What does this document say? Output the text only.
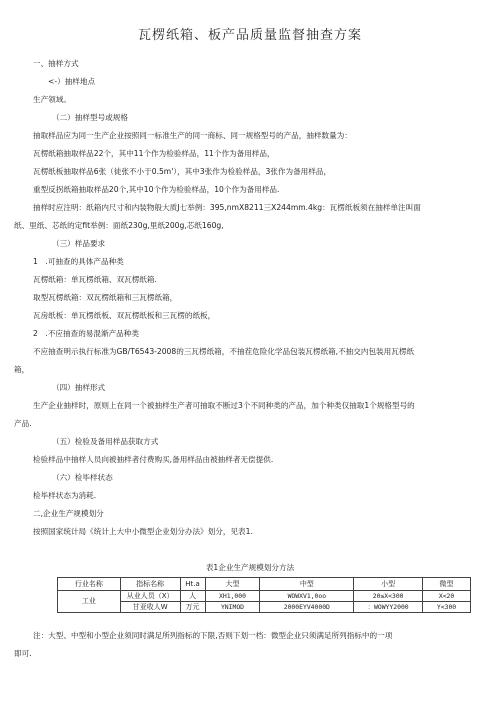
瓦楞纸箱、板产品质量监督抽查方案
一、抽样方式
<-）抽样地点
生产领域。
（二）抽样型号或规格
抽取样品应为同一生产企业按照同一标准生产的同一商标、同一规格型号的产品，抽样数量为：
瓦楞纸箱抽取样品22个，其中11个作为检验样品，11个作为备用样品，
瓦楞纸板抽取样品6张（徒张不小于0.5m'），其中3张作为检验样品，3张作为备用样品，
重型反拐纸箱抽取样品20个,其中10个作为检验样品，10个作为备用样品.
抽样时应注明：纸箱内尺寸和内装物般大质J七举例：395,nmX8211三X244mm.4kg：瓦楞纸板须在抽样单注叫面
纸、里纸、芯纸的定fit举例：面纸230g,里纸200g,芯纸160g,
（三）样品要求
1　.可抽查的具体产品种类
瓦楞纸箱：单瓦楞纸箱、双瓦楞纸箱.
取型瓦楞纸箱：双瓦楞纸箱和三瓦楞纸箱，
瓦房纸板：单瓦楞纸板、双瓦楞纸板和三瓦楞的纸板，
2　.不应抽查的易混渐产品种类
不应抽查明示执行标准为GB/T6543-2008的三瓦楞纸箱，不抽茬危险化学品包装瓦楞纸箱,不抽交内包装用瓦楞纸
箱，
（四）抽样形式
生产企业抽样时，原则上在同一个被抽样生产者可抽取不断过3个不同种类的产品，加个种类仅抽取1个规格型号的
产品.
（五）检验及备用样品获取方式
检验样品中抽样人员向被抽样者付费购买,备用样品由被抽样者无偿提供.
（六）检毕样状态
检毕样状态为消耗.
二,企业生产规模划分
按照国家统计局《统计上大中小微型企业划分办法》划分，见表1.
表1企业生产规模划分方法
行业名称	指标名称	Ht.a	大型	中型	小型	微型
工业	从业人员（X）	人	XH1,000	WOWXV1,0oo	20≤X<300	X<20
	甘亚收人W	万元	YNIMOD	2000EYV4000D	：WOWYY2000	Y<300
注：大型、中型和小型企业须同时满足所列指标的下限,否则下划一档：微型企业只须满足所列指标中的一项
即可.
